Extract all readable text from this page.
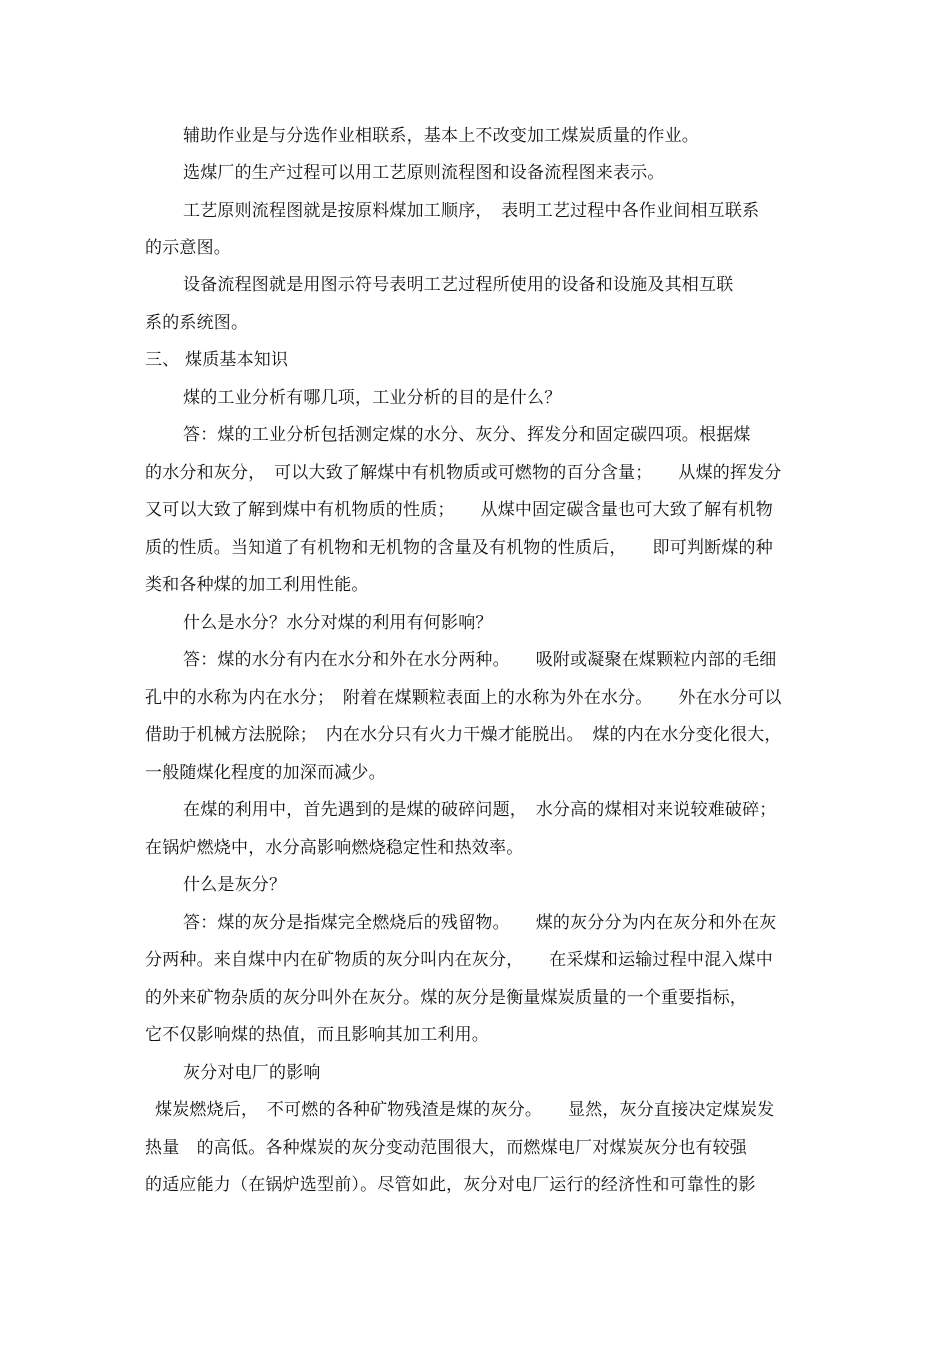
辅助作业是与分选作业相联系，基本上不改变加工煤炭质量的作业。
选煤厂的生产过程可以用工艺原则流程图和设备流程图来表示。
工艺原则流程图就是按原料煤加工顺序，　表明工艺过程中各作业间相互联系
的示意图。
设备流程图就是用图示符号表明工艺过程所使用的设备和设施及其相互联
系的系统图。
三、 煤质基本知识
煤的工业分析有哪几项，工业分析的目的是什么？
答：煤的工业分析包括测定煤的水分、灰分、挥发分和固定碳四项。根据煤
的水分和灰分，　可以大致了解煤中有机物质或可燃物的百分含量；　　从煤的挥发分
又可以大致了解到煤中有机物质的性质；　　从煤中固定碳含量也可大致了解有机物
质的性质。当知道了有机物和无机物的含量及有机物的性质后，　　即可判断煤的种
类和各种煤的加工利用性能。
什么是水分？水分对煤的利用有何影响？
答：煤的水分有内在水分和外在水分两种。　　吸附或凝聚在煤颗粒内部的毛细
孔中的水称为内在水分；　附着在煤颗粒表面上的水称为外在水分。　　外在水分可以
借助于机械方法脱除；　内在水分只有火力干燥才能脱出。　煤的内在水分变化很大，
一般随煤化程度的加深而减少。
在煤的利用中，首先遇到的是煤的破碎问题，　水分高的煤相对来说较难破碎；
在锅炉燃烧中，水分高影响燃烧稳定性和热效率。
什么是灰分？
答：煤的灰分是指煤完全燃烧后的残留物。　　煤的灰分分为内在灰分和外在灰
分两种。来自煤中内在矿物质的灰分叫内在灰分，　　在采煤和运输过程中混入煤中
的外来矿物杂质的灰分叫外在灰分。煤的灰分是衡量煤炭质量的一个重要指标，
它不仅影响煤的热值，而且影响其加工利用。
灰分对电厂的影响
煤炭燃烧后，　不可燃的各种矿物残渣是煤的灰分。　　显然，灰分直接决定煤炭发
热量　的高低。各种煤炭的灰分变动范围很大，而燃煤电厂对煤炭灰分也有较强
的适应能力（在锅炉选型前）。尽管如此，灰分对电厂运行的经济性和可靠性的影
